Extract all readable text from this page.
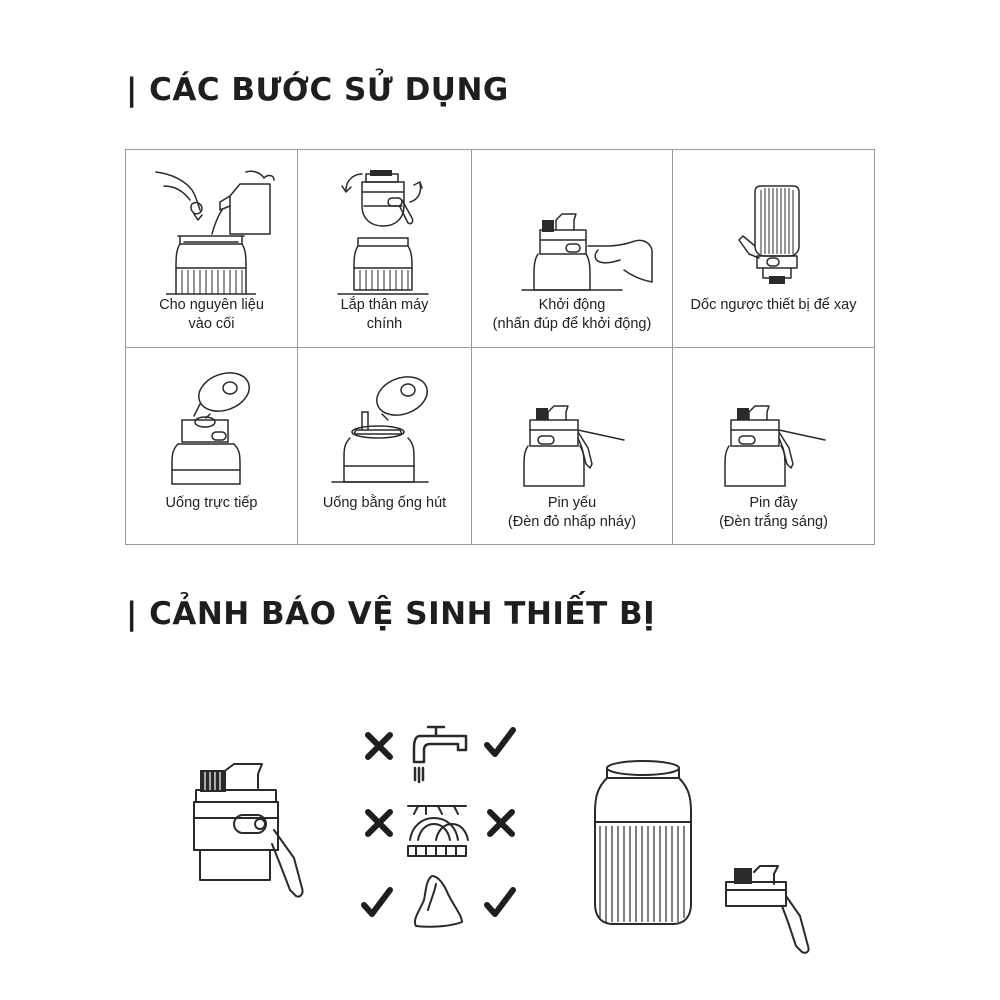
| CÁC BƯỚC SỬ DỤNG
Cho nguyên liệu
vào cối
Lắp thân máy
chính
Khởi động
(nhấn đúp để khởi động)
Dốc ngược thiết bị để xay
Uống trực tiếp	Uống bằng ống hút	Pin yếu
(Đèn đỏ nhấp nháy)
Pin đầy
(Đèn trắng sáng)
| CẢNH BÁO VỆ SINH THIẾT BỊ
